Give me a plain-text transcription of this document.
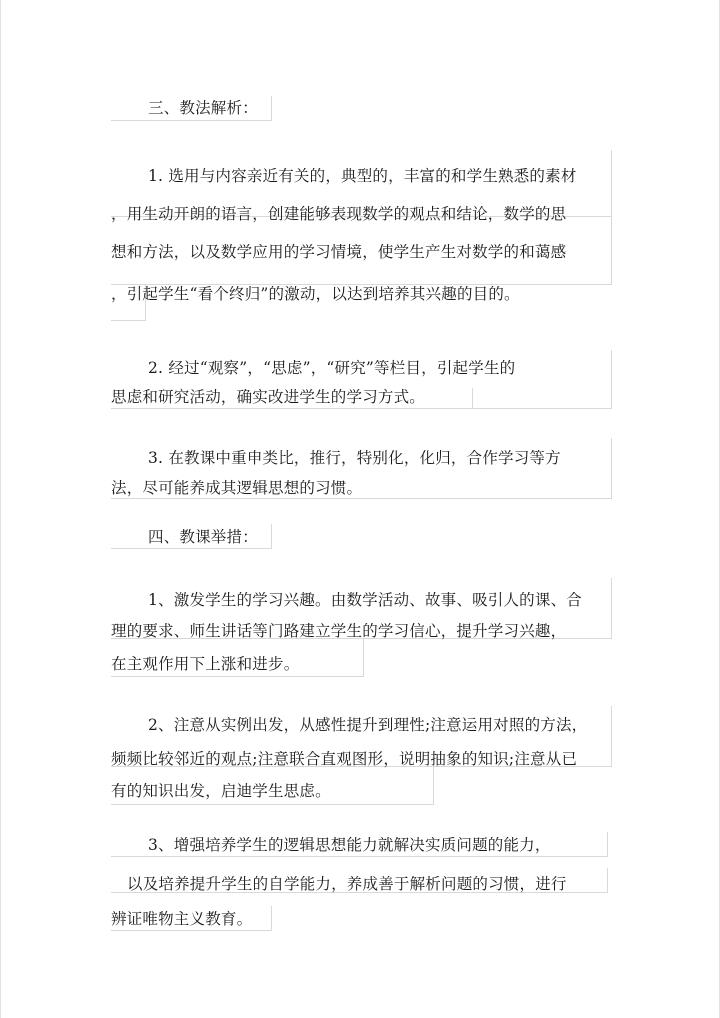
三、教法解析：
1. 选用与内容亲近有关的，典型的，丰富的和学生熟悉的素材
，用生动开朗的语言，创建能够表现数学的观点和结论，数学的思
想和方法，以及数学应用的学习情境，使学生产生对数学的和蔼感
，引起学生“看个终归”的激动，以达到培养其兴趣的目的。
2. 经过“观察”，“思虑”，“研究”等栏目，引起学生的
思虑和研究活动，确实改进学生的学习方式。
3. 在教课中重申类比，推行，特别化，化归，合作学习等方
法，尽可能养成其逻辑思想的习惯。
四、教课举措：
1、激发学生的学习兴趣。由数学活动、故事、吸引人的课、合
理的要求、师生讲话等门路建立学生的学习信心，提升学习兴趣，
在主观作用下上涨和进步。
2、注意从实例出发，从感性提升到理性;注意运用对照的方法，
频频比较邻近的观点;注意联合直观图形，说明抽象的知识;注意从已
有的知识出发，启迪学生思虑。
3、增强培养学生的逻辑思想能力就解决实质问题的能力，
以及培养提升学生的自学能力，养成善于解析问题的习惯，进行
辨证唯物主义教育。
